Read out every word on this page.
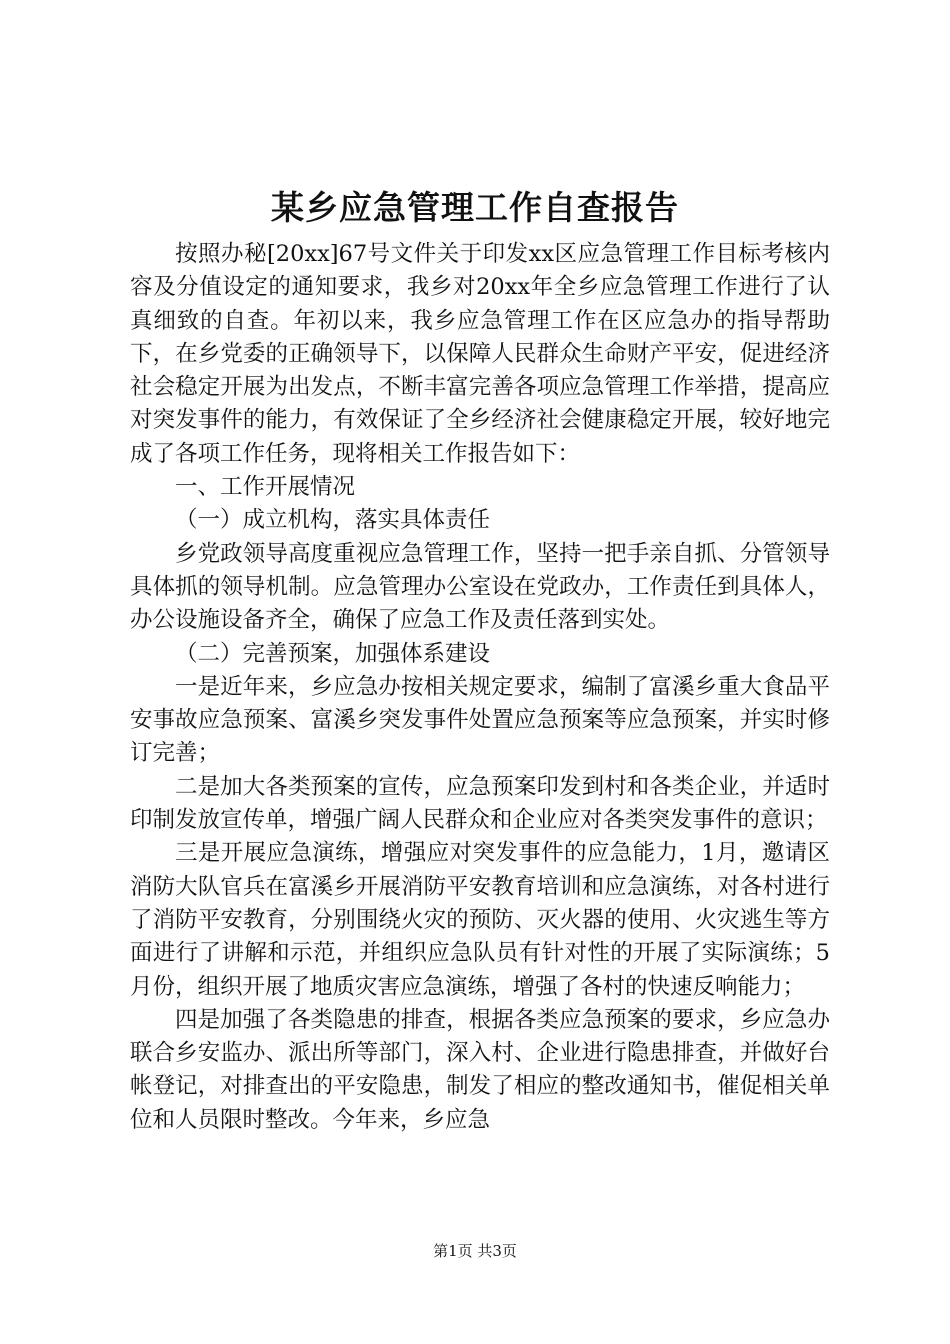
某乡应急管理工作自查报告

按照办秘[20xx]67号文件关于印发xx区应急管理工作目标考核内容及分值设定的通知要求，我乡对20xx年全乡应急管理工作进行了认真细致的自查。年初以来，我乡应急管理工作在区应急办的指导帮助下，在乡党委的正确领导下，以保障人民群众生命财产平安，促进经济社会稳定开展为出发点，不断丰富完善各项应急管理工作举措，提高应对突发事件的能力，有效保证了全乡经济社会健康稳定开展，较好地完成了各项工作任务，现将相关工作报告如下：

一、工作开展情况

（一）成立机构，落实具体责任

乡党政领导高度重视应急管理工作，坚持一把手亲自抓、分管领导具体抓的领导机制。应急管理办公室设在党政办，工作责任到具体人，办公设施设备齐全，确保了应急工作及责任落到实处。

（二）完善预案，加强体系建设

一是近年来，乡应急办按相关规定要求，编制了富溪乡重大食品平安事故应急预案、富溪乡突发事件处置应急预案等应急预案，并实时修订完善；

二是加大各类预案的宣传，应急预案印发到村和各类企业，并适时印制发放宣传单，增强广阔人民群众和企业应对各类突发事件的意识；

三是开展应急演练，增强应对突发事件的应急能力，1月，邀请区消防大队官兵在富溪乡开展消防平安教育培训和应急演练，对各村进行了消防平安教育，分别围绕火灾的预防、灭火器的使用、火灾逃生等方面进行了讲解和示范，并组织应急队员有针对性的开展了实际演练；5月份，组织开展了地质灾害应急演练，增强了各村的快速反响能力；

四是加强了各类隐患的排查，根据各类应急预案的要求，乡应急办联合乡安监办、派出所等部门，深入村、企业进行隐患排查，并做好台帐登记，对排查出的平安隐患，制发了相应的整改通知书，催促相关单位和人员限时整改。今年来，乡应急

第1页 共3页
